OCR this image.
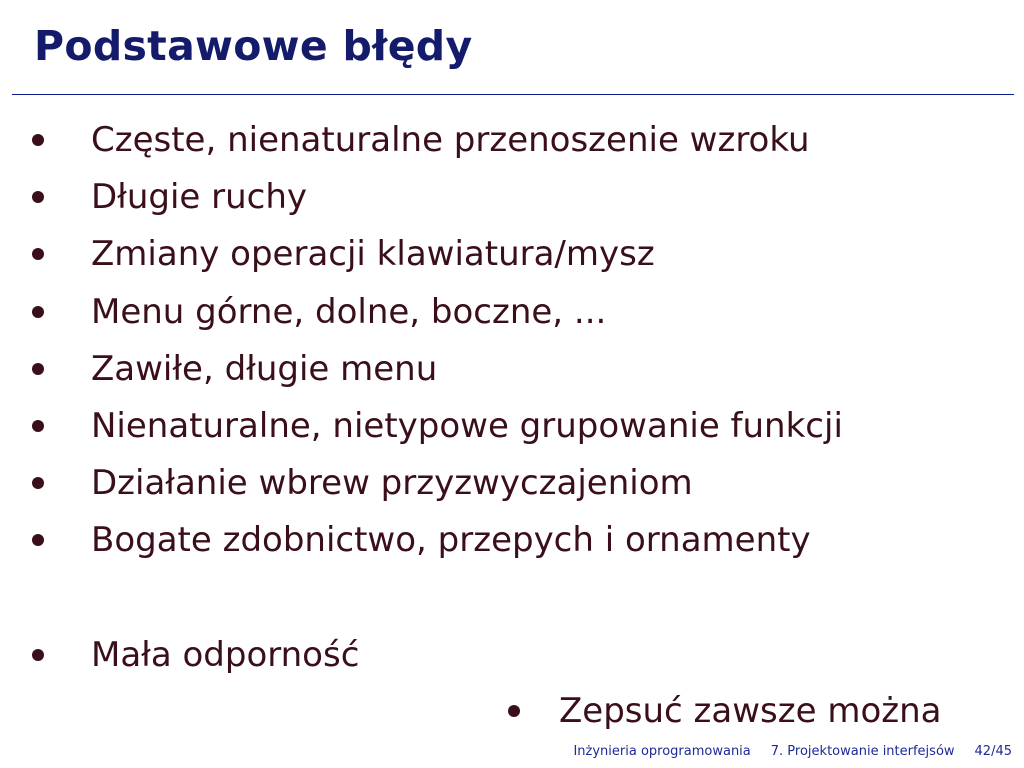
Podstawowe błędy
Częste, nienaturalne przenoszenie wzroku
Długie ruchy
Zmiany operacji klawiatura/mysz
Menu górne, dolne, boczne, ...
Zawiłe, długie menu
Nienaturalne, nietypowe grupowanie funkcji
Działanie wbrew przyzwyczajeniom
Bogate zdobnictwo, przepych i ornamenty
Mała odporność
Zepsuć zawsze można
Inżynieria oprogramowania 7. Projektowanie interfejsów 42/45
